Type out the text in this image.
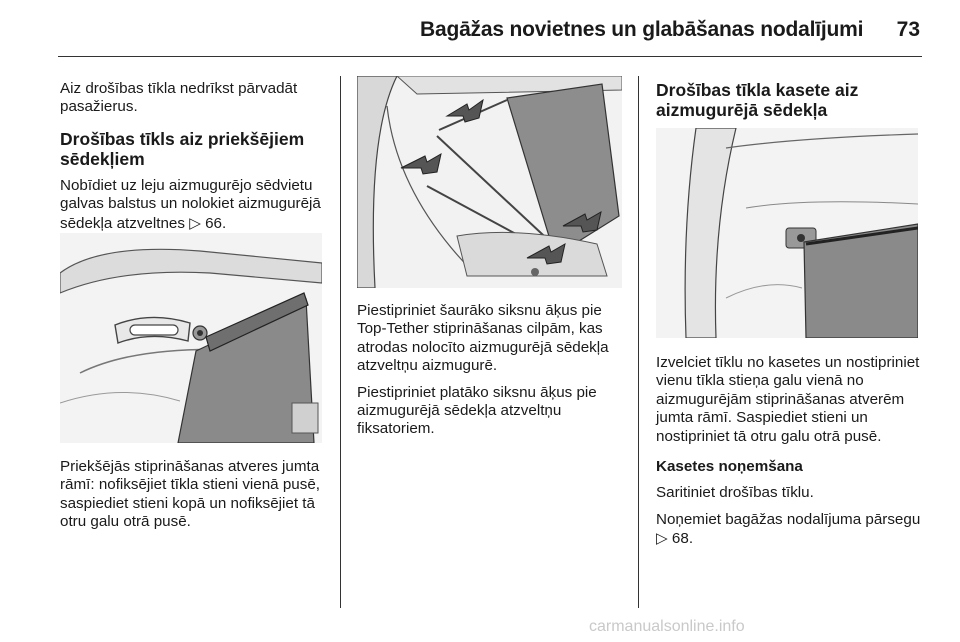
Bagāžas novietnes un glabāšanas nodalījumi 73

Aiz drošības tīkla nedrīkst pārvadāt pasažierus.

Drošības tīkls aiz priekšējiem sēdekļiem

Nobīdiet uz leju aizmugurējo sēdvietu galvas balstus un nolokiet aizmugurējā sēdekļa atzveltnes ▷ 66.

Priekšējās stiprināšanas atveres jumta rāmī: nofiksējiet tīkla stieni vienā pusē, saspiediet stieni kopā un nofiksējiet tā otru galu otrā pusē.

Piestipriniet šaurāko siksnu āķus pie Top-Tether stiprināšanas cilpām, kas atrodas nolocīto aizmugurējā sēdekļa atzveltņu aizmugurē.

Piestipriniet platāko siksnu āķus pie aizmugurējā sēdekļa atzveltņu fiksatoriem.

Drošības tīkla kasete aiz aizmugurējā sēdekļa

Izvelciet tīklu no kasetes un nostipriniet vienu tīkla stieņa galu vienā no aizmugurējām stiprināšanas atverēm jumta rāmī. Saspiediet stieni un nostipriniet tā otru galu otrā pusē.

Kasetes noņemšana

Saritiniet drošības tīklu.

Noņemiet bagāžas nodalījuma pārsegu ▷ 68.

carmanualsonline.info
